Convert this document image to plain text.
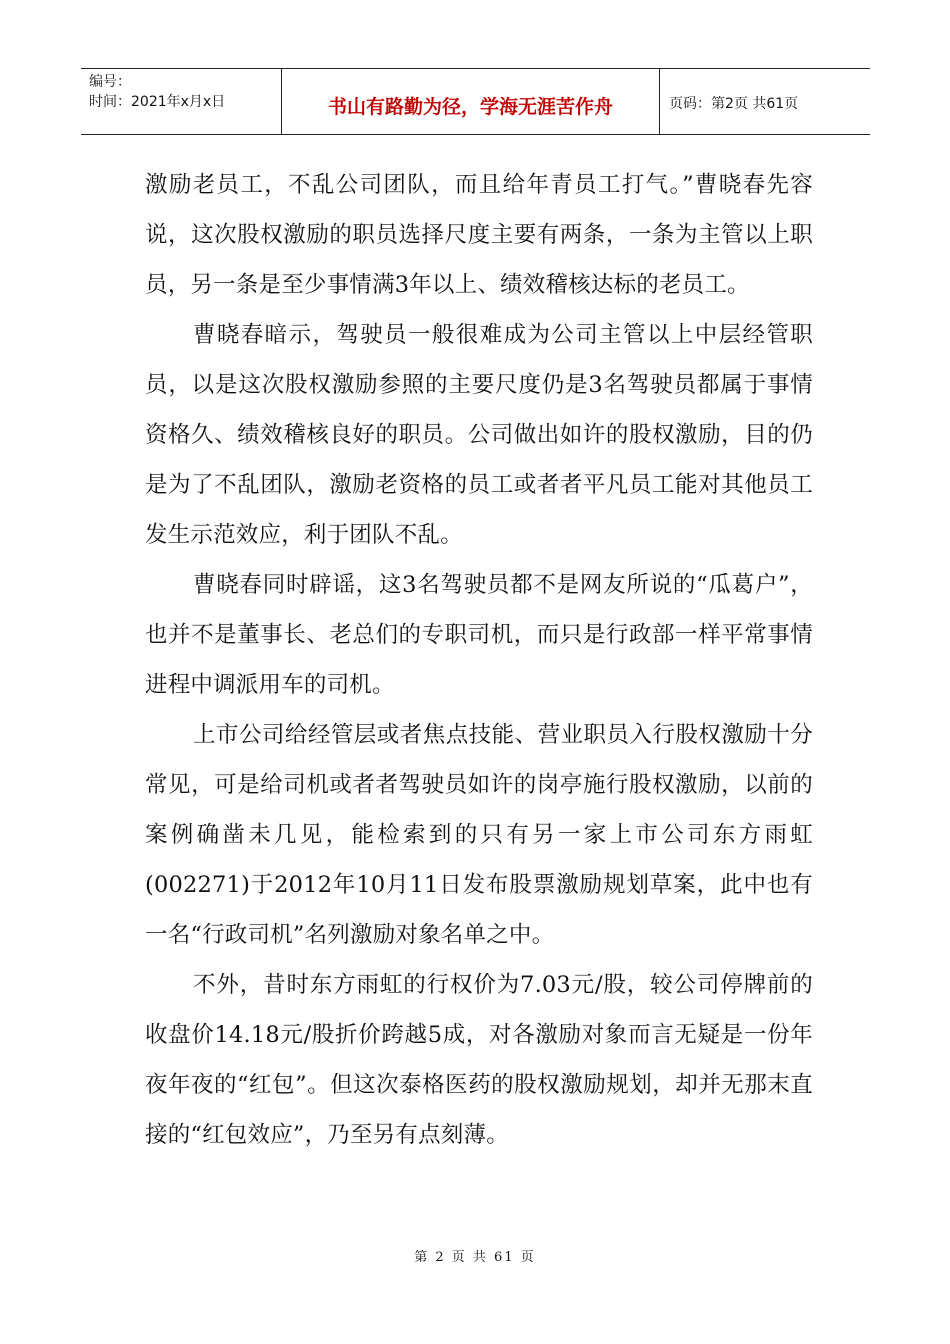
编号：
时间：2021年x月x日	书山有路勤为径，学海无涯苦作舟	页码：第2页 共61页

激励老员工，不乱公司团队，而且给年青员工打气。”曹晓春先容说，这次股权激励的职员选择尺度主要有两条，一条为主管以上职员，另一条是至少事情满3年以上、绩效稽核达标的老员工。

曹晓春暗示，驾驶员一般很难成为公司主管以上中层经管职员，以是这次股权激励参照的主要尺度仍是3名驾驶员都属于事情资格久、绩效稽核良好的职员。公司做出如许的股权激励，目的仍是为了不乱团队，激励老资格的员工或者者平凡员工能对其他员工发生示范效应，利于团队不乱。

曹晓春同时辟谣，这3名驾驶员都不是网友所说的“瓜葛户”，也并不是董事长、老总们的专职司机，而只是行政部一样平常事情进程中调派用车的司机。

上市公司给经管层或者焦点技能、营业职员入行股权激励十分常见，可是给司机或者者驾驶员如许的岗亭施行股权激励，以前的案例确凿未几见，能检索到的只有另一家上市公司东方雨虹(002271)于2012年10月11日发布股票激励规划草案，此中也有一名“行政司机”名列激励对象名单之中。

不外，昔时东方雨虹的行权价为7.03元/股，较公司停牌前的收盘价14.18元/股折价跨越5成，对各激励对象而言无疑是一份年夜年夜的“红包”。但这次泰格医药的股权激励规划，却并无那末直接的“红包效应”，乃至另有点刻薄。

第 2 页 共 61 页
